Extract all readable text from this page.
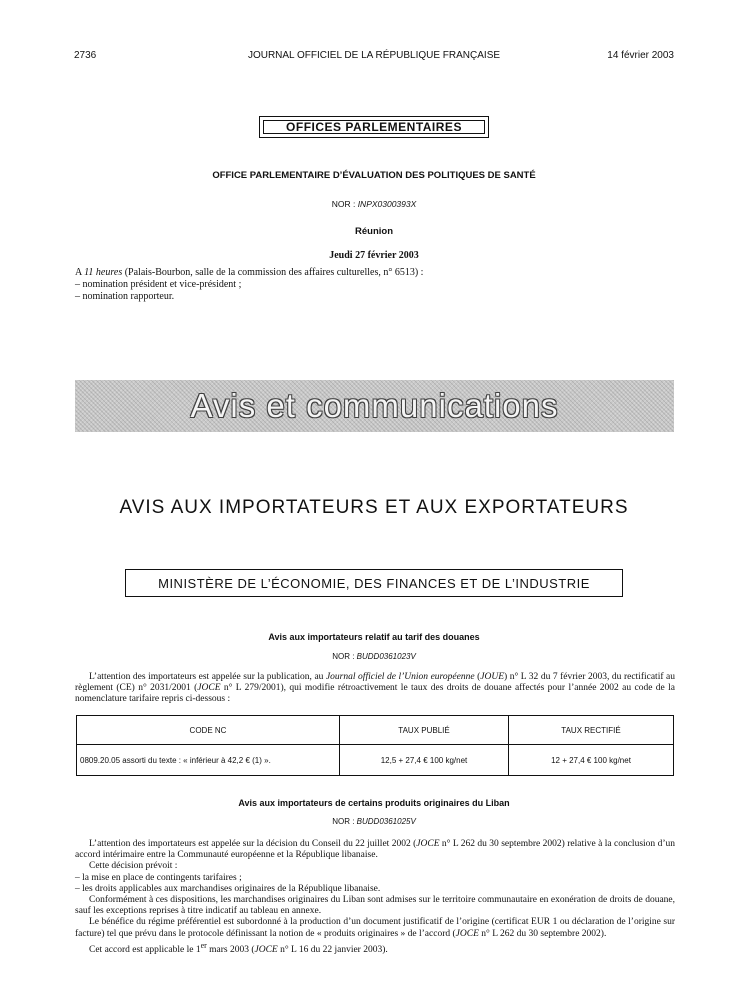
2736	JOURNAL OFFICIEL DE LA RÉPUBLIQUE FRANÇAISE	14 février 2003
OFFICES PARLEMENTAIRES
OFFICE PARLEMENTAIRE D’ÉVALUATION DES POLITIQUES DE SANTÉ
NOR : INPX0300393X
Réunion
Jeudi 27 février 2003
A 11 heures (Palais-Bourbon, salle de la commission des affaires culturelles, n° 6513) :
– nomination président et vice-président ;
– nomination rapporteur.
Avis et communications
AVIS AUX IMPORTATEURS ET AUX EXPORTATEURS
MINISTÈRE DE L’ÉCONOMIE, DES FINANCES ET DE L’INDUSTRIE
Avis aux importateurs relatif au tarif des douanes
NOR : BUDD0361023V
L’attention des importateurs est appelée sur la publication, au Journal officiel de l’Union européenne (JOUE) n° L 32 du 7 février 2003, du rectificatif au règlement (CE) n° 2031/2001 (JOCE n° L 279/2001), qui modifie rétroactivement le taux des droits de douane affectés pour l’année 2002 au code de la nomenclature tarifaire repris ci-dessous :
CODE NC	TAUX PUBLIÉ	TAUX RECTIFIÉ
0809.20.05 assorti du texte : « inférieur à 42,2 € (1) ».	12,5 + 27,4 € 100 kg/net	12 + 27,4 € 100 kg/net
Avis aux importateurs de certains produits originaires du Liban
NOR : BUDD0361025V
L’attention des importateurs est appelée sur la décision du Conseil du 22 juillet 2002 (JOCE n° L 262 du 30 septembre 2002) relative à la conclusion d’un accord intérimaire entre la Communauté européenne et la République libanaise.
Cette décision prévoit :
– la mise en place de contingents tarifaires ;
– les droits applicables aux marchandises originaires de la République libanaise.
Conformément à ces dispositions, les marchandises originaires du Liban sont admises sur le territoire communautaire en exonération de droits de douane, sauf les exceptions reprises à titre indicatif au tableau en annexe.
Le bénéfice du régime préférentiel est subordonné à la production d’un document justificatif de l’origine (certificat EUR 1 ou déclaration de l’origine sur facture) tel que prévu dans le protocole définissant la notion de « produits originaires » de l’accord (JOCE n° L 262 du 30 septembre 2002).
Cet accord est applicable le 1er mars 2003 (JOCE n° L 16 du 22 janvier 2003).
